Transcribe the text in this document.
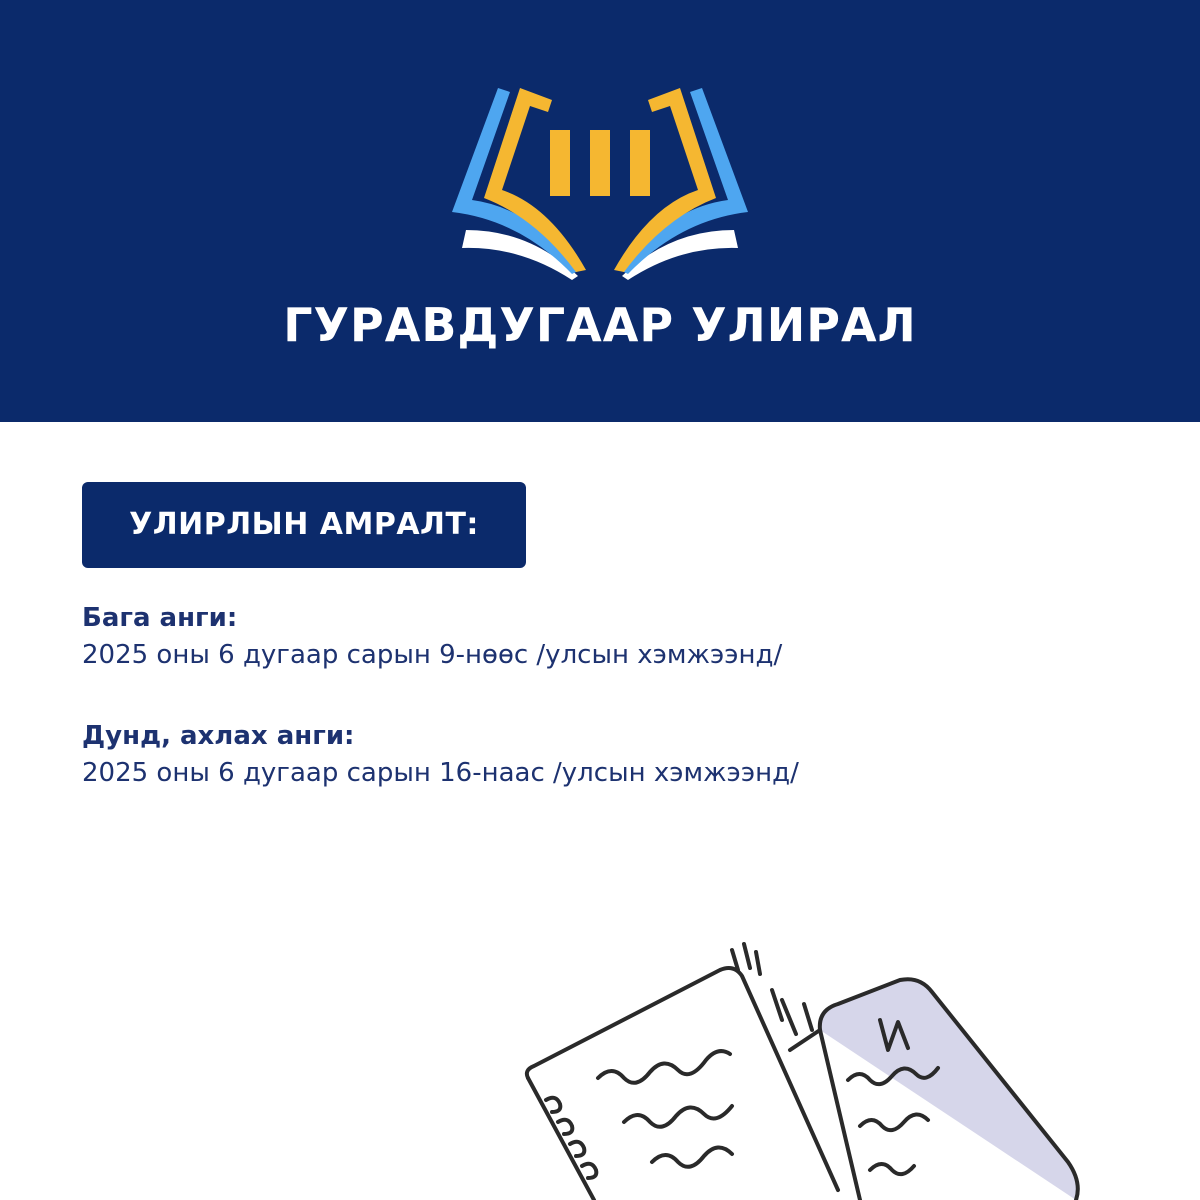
ГУРАВДУГААР УЛИРАЛ
УЛИРЛЫН АМРАЛТ:
Бага анги:
2025 оны 6 дугаар сарын 9-нөөс /улсын хэмжээнд/
Дунд, ахлах анги:
2025 оны 6 дугаар сарын 16-наас /улсын хэмжээнд/
